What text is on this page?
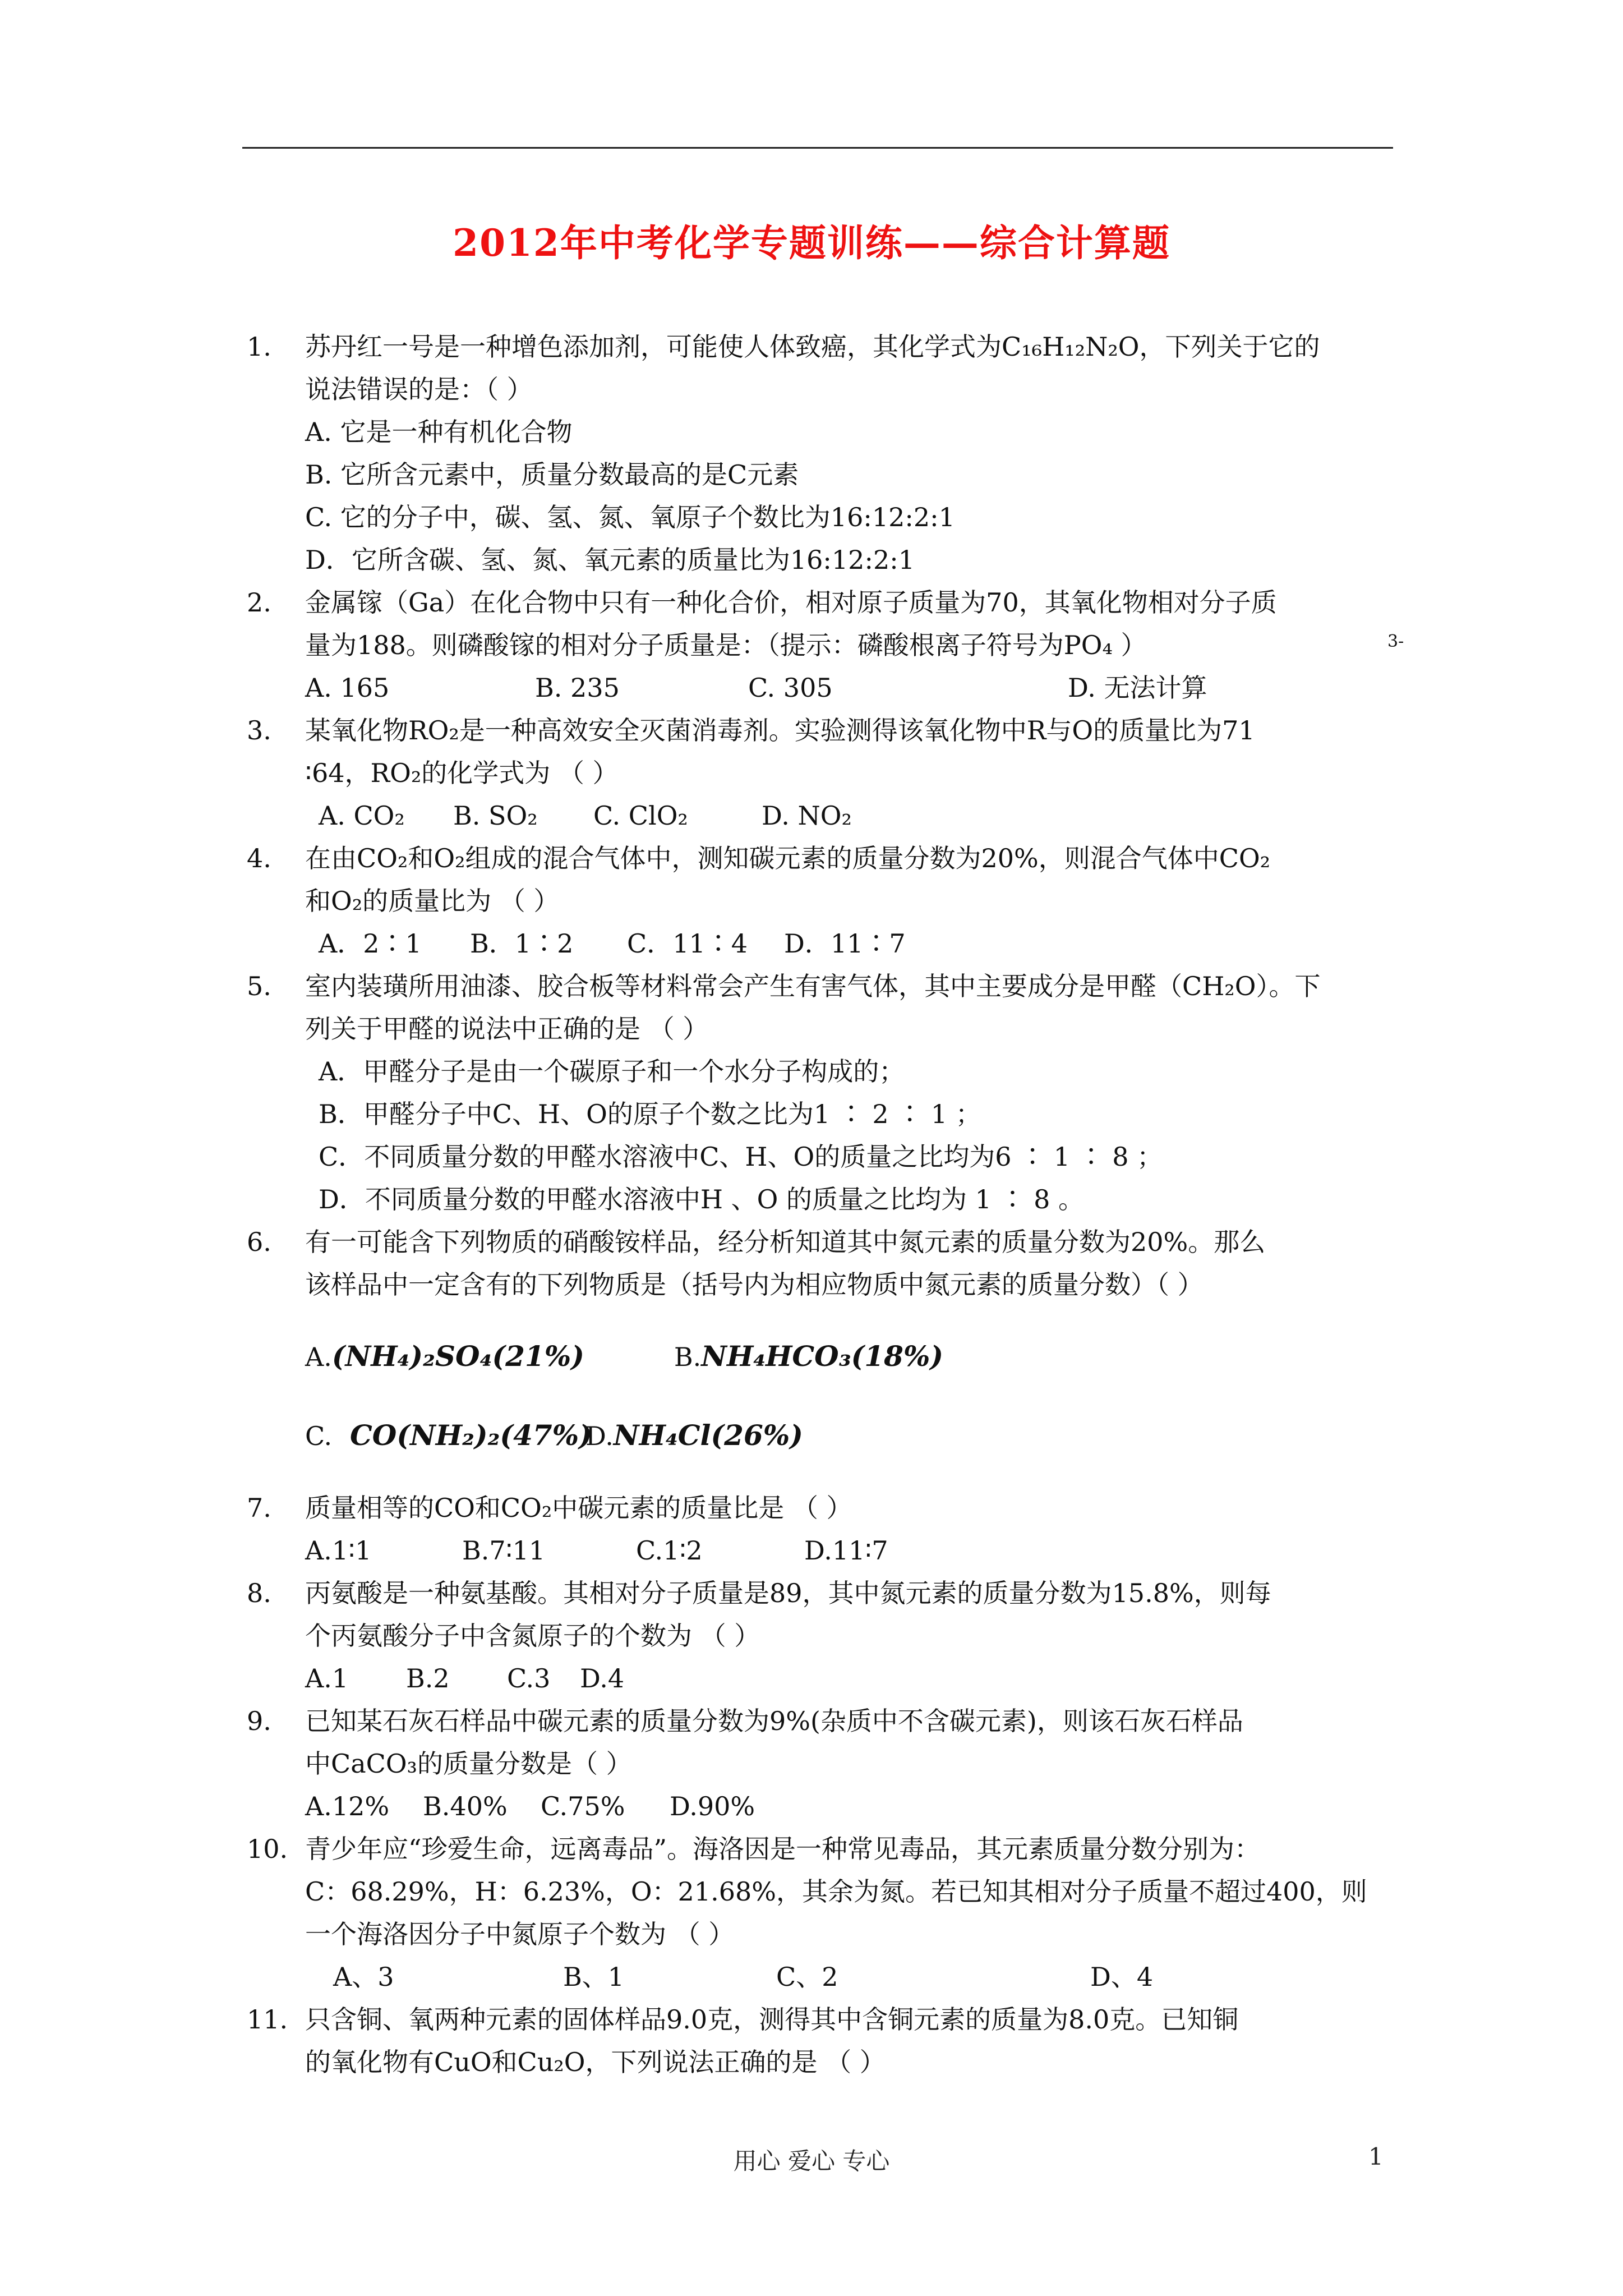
2012年中考化学专题训练——综合计算题
1. 苏丹红一号是一种增色添加剂，可能使人体致癌，其化学式为C₁₆H₁₂N₂O，下列关于它的
说法错误的是：（ ）
A. 它是一种有机化合物
B. 它所含元素中，质量分数最高的是C元素
C. 它的分子中，碳、氢、氮、氧原子个数比为16:12:2:1
D．它所含碳、氢、氮、氧元素的质量比为16:12:2:1
2. 金属镓（Ga）在化合物中只有一种化合价，相对原子质量为70，其氧化物相对分子质
量为188。则磷酸镓的相对分子质量是：（提示：磷酸根离子符号为PO₄ ）	3-
A. 165	B. 235	C. 305	D. 无法计算
3. 某氧化物RO₂是一种高效安全灭菌消毒剂。实验测得该氧化物中R与O的质量比为71
∶64，RO₂的化学式为 （ ）
A. CO₂ B. SO₂ C. ClO₂	D. NO₂
4. 在由CO₂和O₂组成的混合气体中，测知碳元素的质量分数为20%，则混合气体中CO₂
和O₂的质量比为 （ ）
A．2∶1 B．1∶2 C．11∶4 D．11∶7
5. 室内装璜所用油漆、胶合板等材料常会产生有害气体，其中主要成分是甲醛（CH₂O）。下
列关于甲醛的说法中正确的是 （ ）
A．甲醛分子是由一个碳原子和一个水分子构成的；
B．甲醛分子中C、H、O的原子个数之比为1 ∶ 2 ∶ 1 ；
C．不同质量分数的甲醛水溶液中C、H、O的质量之比均为6 ∶ 1 ∶ 8 ；
D．不同质量分数的甲醛水溶液中H 、O 的质量之比均为 1 ∶ 8 。
6. 有一可能含下列物质的硝酸铵样品，经分析知道其中氮元素的质量分数为20%。那么
该样品中一定含有的下列物质是（括号内为相应物质中氮元素的质量分数）（ ）
A.(NH₄)₂SO₄(21%)	B.NH₄HCO₃(18%)
C. CO(NH₂)₂(47%)D.NH₄Cl(26%)
7. 质量相等的CO和CO₂中碳元素的质量比是 （ ）
A.1∶1	B.7∶11	C.1∶2	D.11∶7
8. 丙氨酸是一种氨基酸。其相对分子质量是89，其中氮元素的质量分数为15.8%，则每
个丙氨酸分子中含氮原子的个数为 （ ）
A.1 B.2 C.3 D.4
9. 已知某石灰石样品中碳元素的质量分数为9%(杂质中不含碳元素)，则该石灰石样品
中CaCO₃的质量分数是（ ）
A.12% B.40% C.75% D.90%
10. 青少年应“珍爱生命，远离毒品”。海洛因是一种常见毒品，其元素质量分数分别为：
C：68.29%，H：6.23%，O：21.68%，其余为氮。若已知其相对分子质量不超过400，则
一个海洛因分子中氮原子个数为 （ ）
A、3	B、1	C、2	D、4
11. 只含铜、氧两种元素的固体样品9.0克，测得其中含铜元素的质量为8.0克。已知铜
的氧化物有CuO和Cu₂O，下列说法正确的是 （ ）
用心 爱心 专心	1
